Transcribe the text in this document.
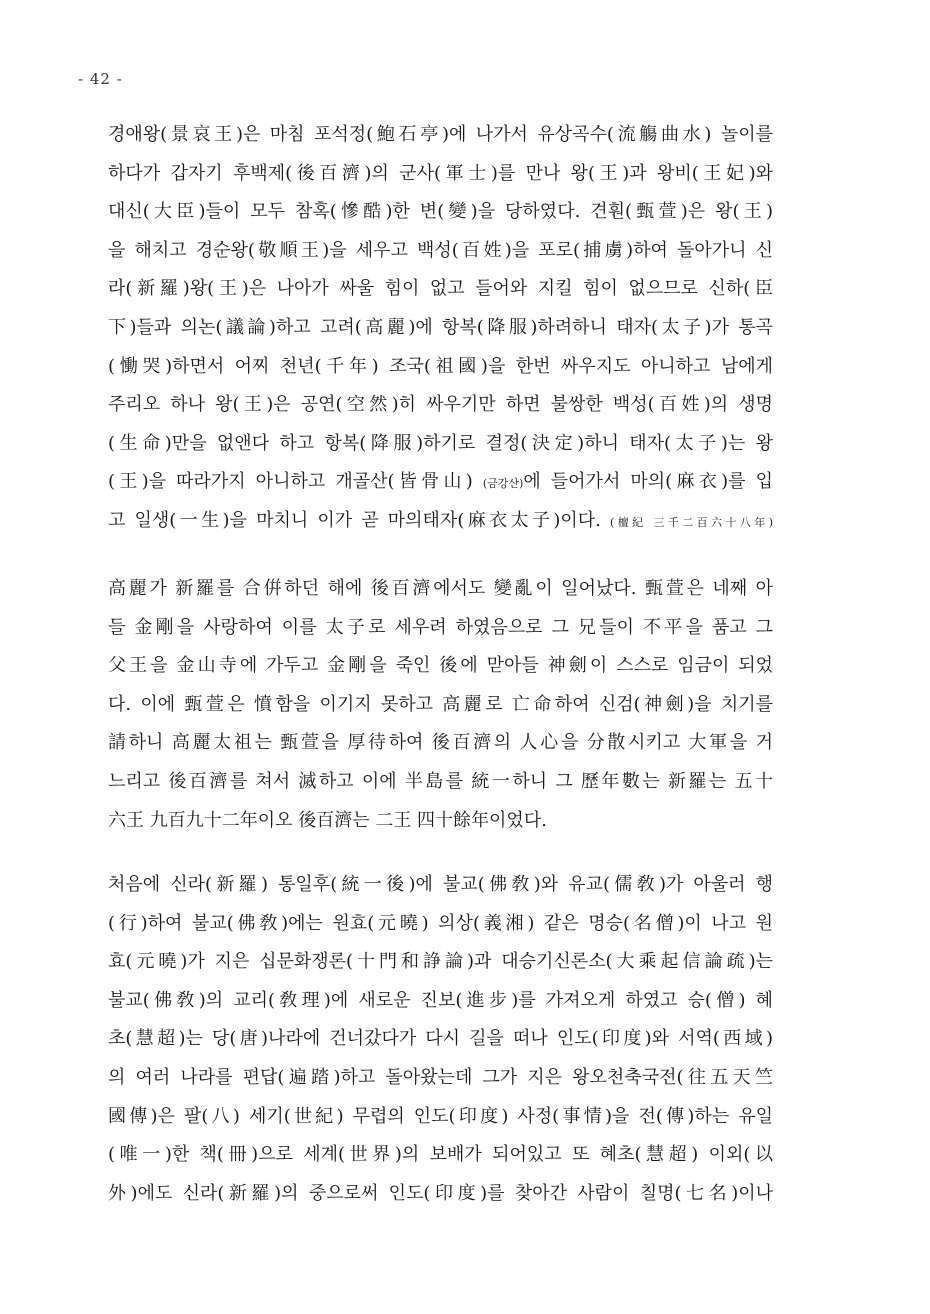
- 42 -
경애왕(景哀王)은 마침 포석정(鮑石亭)에 나가서 유상곡수(流觴曲水) 놀이를
하다가 갑자기 후백제(後百濟)의 군사(軍士)를 만나 왕(王)과 왕비(王妃)와
대신(大臣)들이 모두 참혹(慘酷)한 변(變)을 당하였다. 견훤(甄萱)은 왕(王)
을 해치고 경순왕(敬順王)을 세우고 백성(百姓)을 포로(捕虜)하여 돌아가니 신
라(新羅)왕(王)은 나아가 싸울 힘이 없고 들어와 지킬 힘이 없으므로 신하(臣
下)들과 의논(議論)하고 고려(高麗)에 항복(降服)하려하니 태자(太子)가 통곡
(慟哭)하면서 어찌 천년(千年) 조국(祖國)을 한번 싸우지도 아니하고 남에게
주리오 하나 왕(王)은 공연(空然)히 싸우기만 하면 불쌍한 백성(百姓)의 생명
(生命)만을 없앤다 하고 항복(降服)하기로 결정(決定)하니 태자(太子)는 왕
(王)을 따라가지 아니하고 개골산(皆骨山) (금강산)에 들어가서 마의(麻衣)를 입
고 일생(一生)을 마치니 이가 곧 마의태자(麻衣太子)이다. (檀紀 三千二百六十八年)
高麗가 新羅를 合倂하던 해에 後百濟에서도 變亂이 일어났다. 甄萱은 네째 아
들 金剛을 사랑하여 이를 太子로 세우려 하였음으로 그 兄들이 不平을 품고 그
父王을 金山寺에 가두고 金剛을 죽인 後에 맏아들 神劍이 스스로 임금이 되었
다. 이에 甄萱은 憤함을 이기지 못하고 高麗로 亡命하여 신검(神劍)을 치기를
請하니 高麗太祖는 甄萱을 厚待하여 後百濟의 人心을 分散시키고 大軍을 거
느리고 後百濟를 쳐서 滅하고 이에 半島를 統一하니 그 歷年數는 新羅는 五十
六王 九百九十二年이오 後百濟는 二王 四十餘年이었다.
처음에 신라(新羅) 통일후(統一後)에 불교(佛敎)와 유교(儒敎)가 아울러 행
(行)하여 불교(佛敎)에는 원효(元曉) 의상(義湘) 같은 명승(名僧)이 나고 원
효(元曉)가 지은 십문화쟁론(十門和諍論)과 대승기신론소(大乘起信論疏)는
불교(佛敎)의 교리(敎理)에 새로운 진보(進步)를 가져오게 하였고 승(僧) 혜
초(慧超)는 당(唐)나라에 건너갔다가 다시 길을 떠나 인도(印度)와 서역(西域)
의 여러 나라를 편답(遍踏)하고 돌아왔는데 그가 지은 왕오천축국전(往五天竺
國傳)은 팔(八) 세기(世紀) 무렵의 인도(印度) 사정(事情)을 전(傳)하는 유일
(唯一)한 책(冊)으로 세계(世界)의 보배가 되어있고 또 혜초(慧超) 이외(以
外)에도 신라(新羅)의 중으로써 인도(印度)를 찾아간 사람이 칠명(七名)이나
